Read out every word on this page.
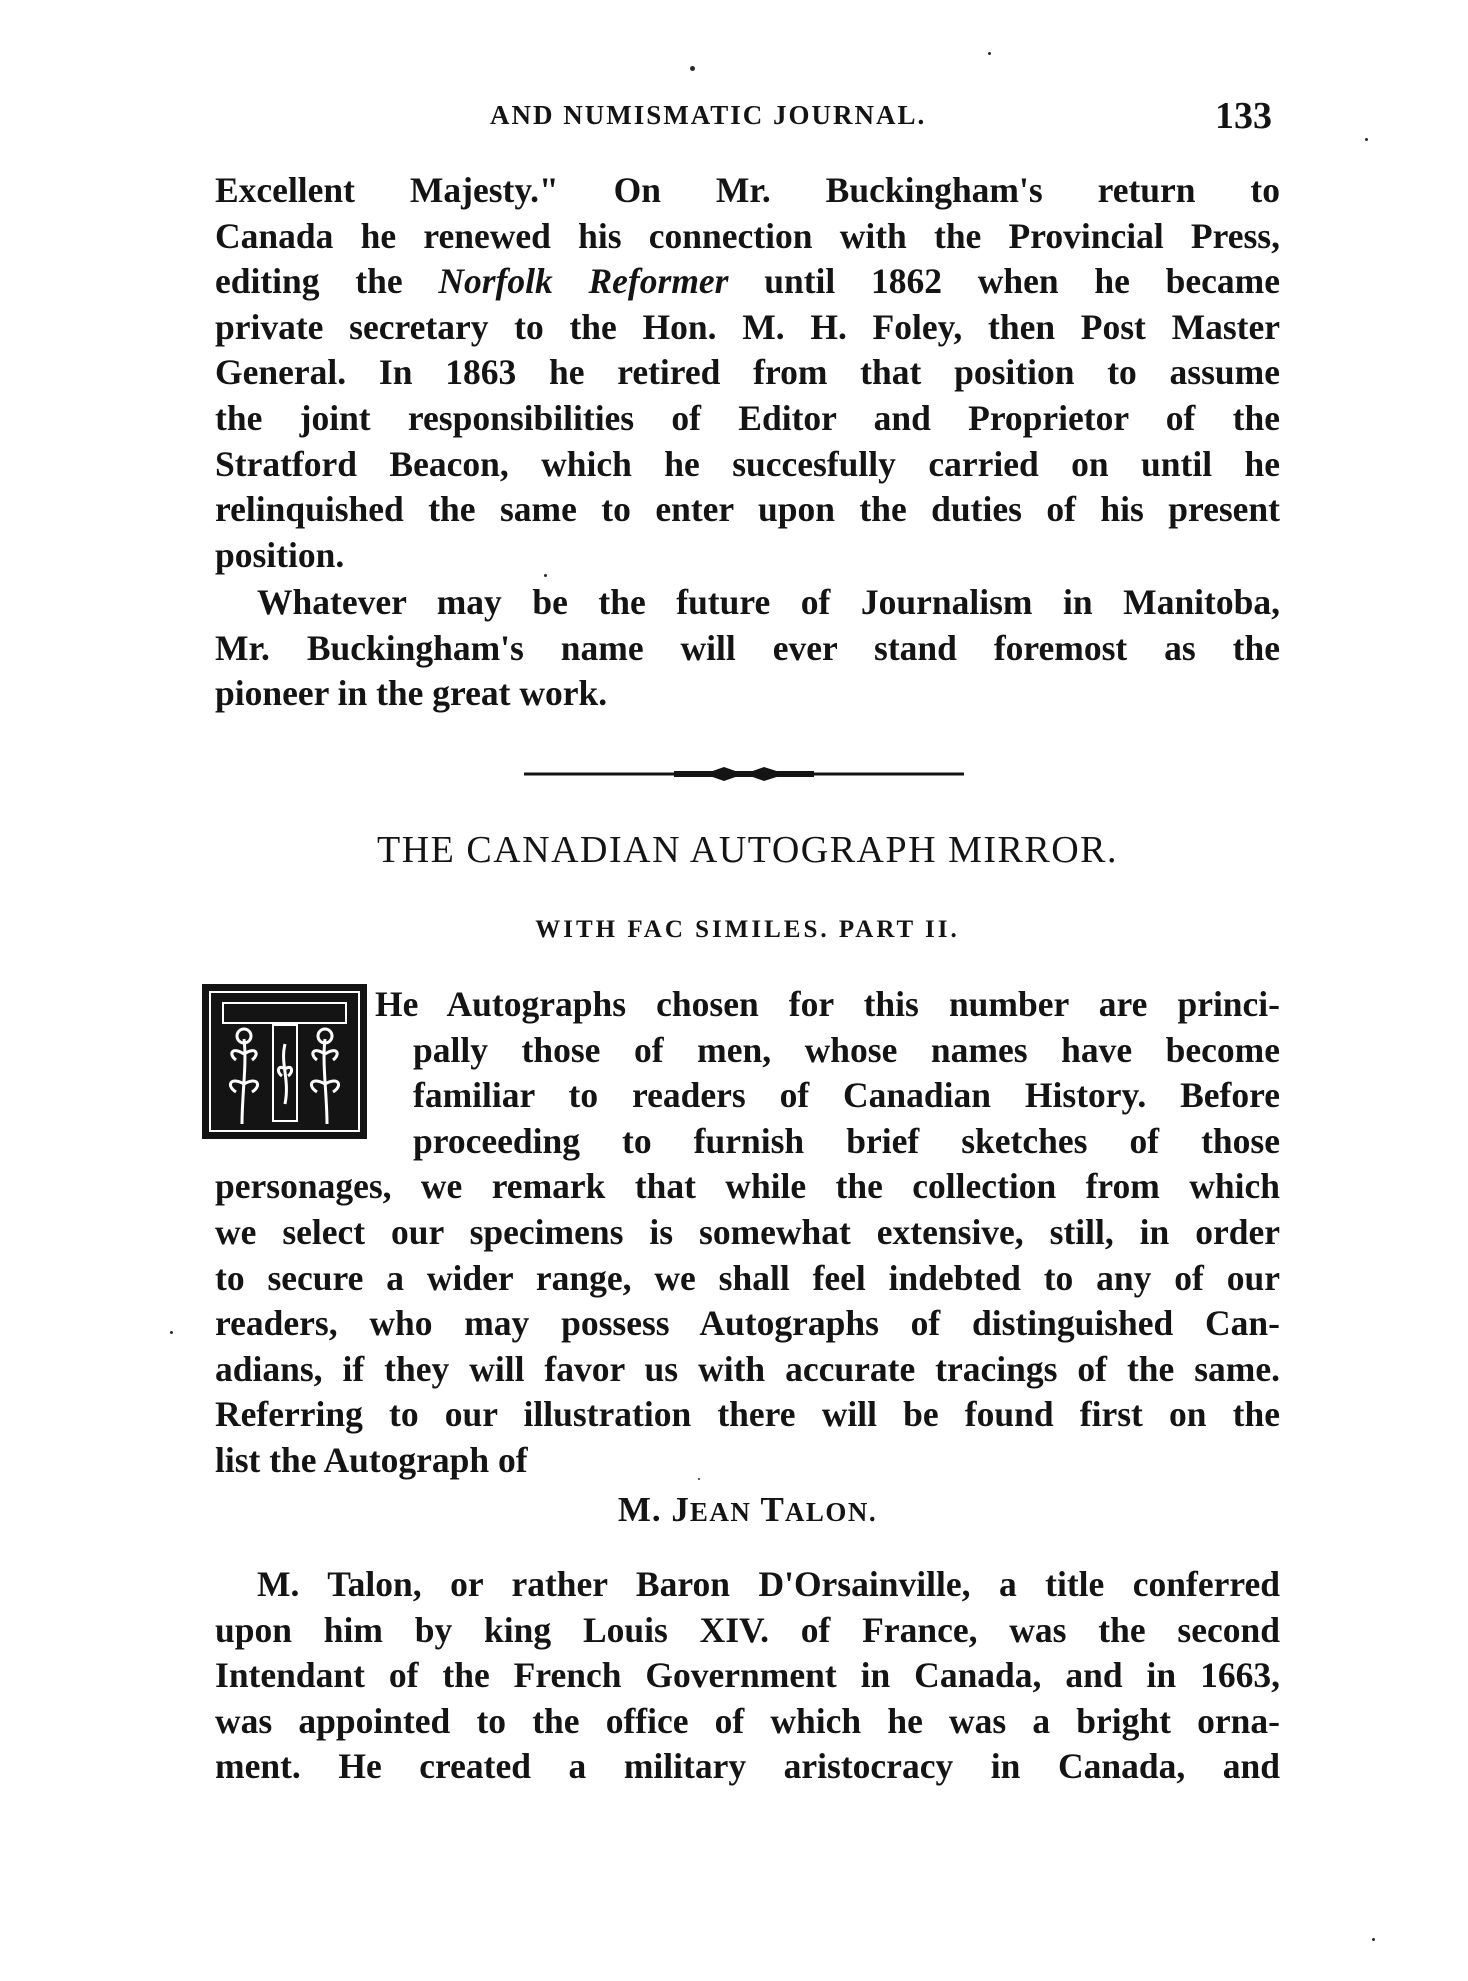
AND NUMISMATIC JOURNAL.	133
Excellent Majesty." On Mr. Buckingham's return to
Canada he renewed his connection with the Provincial Press,
editing the Norfolk Reformer until 1862 when he became
private secretary to the Hon. M. H. Foley, then Post Master
General. In 1863 he retired from that position to assume
the joint responsibilities of Editor and Proprietor of the
Stratford Beacon, which he succesfully carried on until he
relinquished the same to enter upon the duties of his present
position.
Whatever may be the future of Journalism in Manitoba,
Mr. Buckingham's name will ever stand foremost as the
pioneer in the great work.
THE CANADIAN AUTOGRAPH MIRROR.
WITH FAC SIMILES. PART II.
He Autographs chosen for this number are princi-
pally those of men, whose names have become
familiar to readers of Canadian History. Before
proceeding to furnish brief sketches of those
personages, we remark that while the collection from which
we select our specimens is somewhat extensive, still, in order
to secure a wider range, we shall feel indebted to any of our
readers, who may possess Autographs of distinguished Can-
adians, if they will favor us with accurate tracings of the same.
Referring to our illustration there will be found first on the
list the Autograph of
M. JEAN TALON.
M. Talon, or rather Baron D'Orsainville, a title conferred
upon him by king Louis XIV. of France, was the second
Intendant of the French Government in Canada, and in 1663,
was appointed to the office of which he was a bright orna-
ment. He created a military aristocracy in Canada, and
